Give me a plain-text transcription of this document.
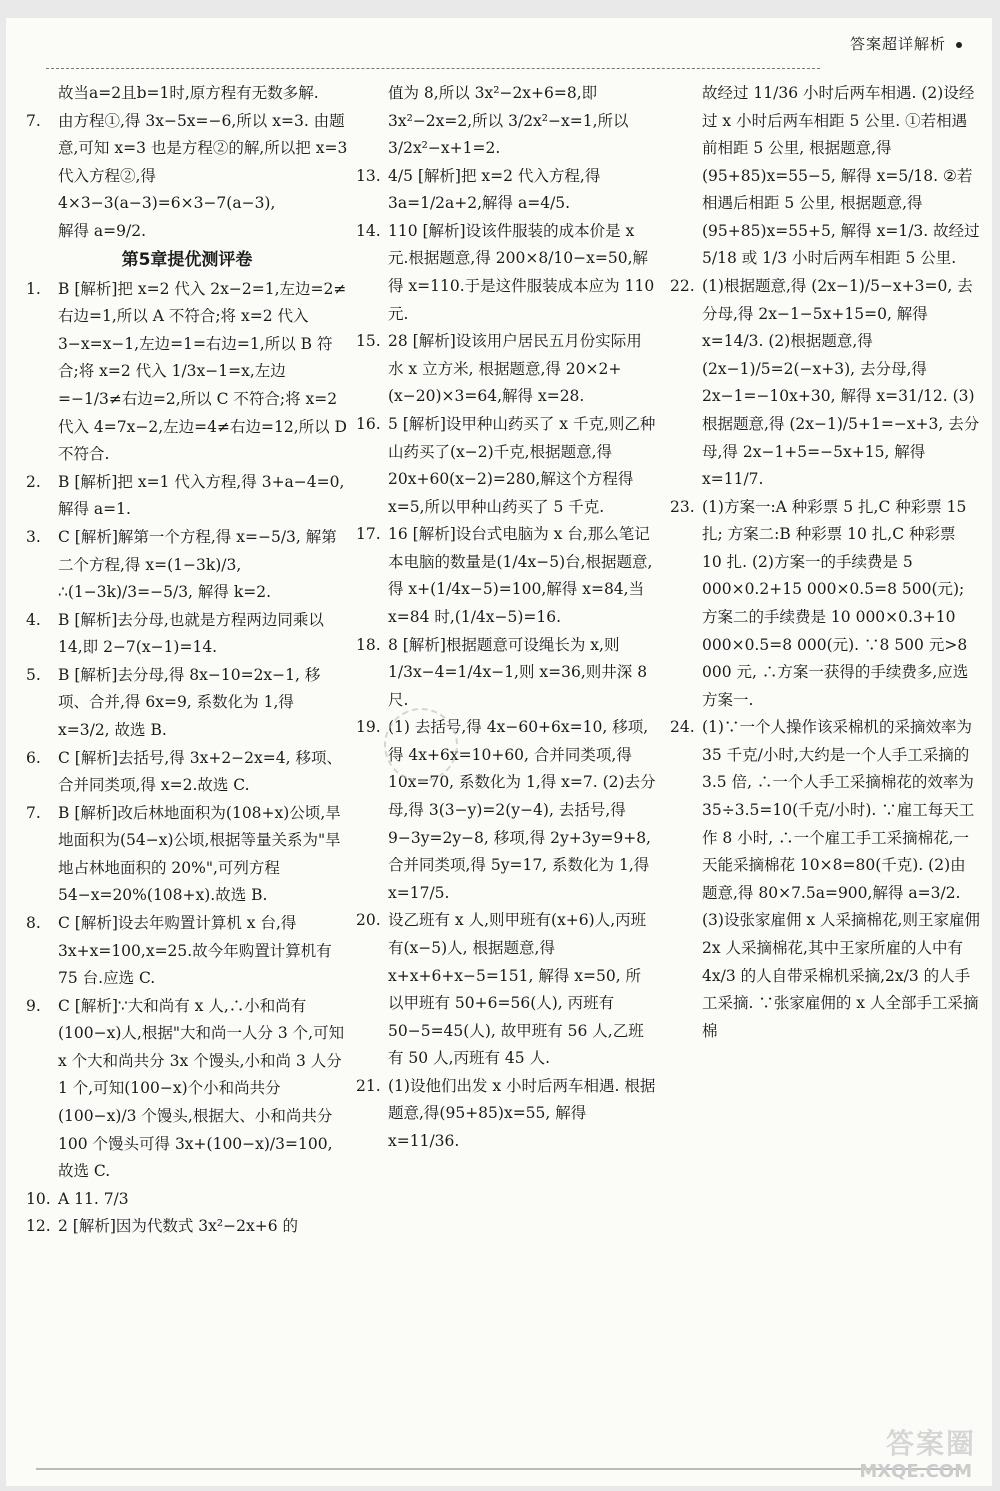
答案超详解析

故当a=2且b=1时,原方程有无数多解.

7. 由方程①,得 3x−5x=−6,所以 x=3. 由题意,可知 x=3 也是方程②的解,所以把 x=3 代入方程②,得 4×3−3(a−3)=6×3−7(a−3),

解得 a=9/2.

第5章提优测评卷

1. B [解析]把 x=2 代入 2x−2=1,左边=2≠右边=1,所以 A 不符合;将 x=2 代入 3−x=x−1,左边=1=右边=1,所以 B 符合;将 x=2 代入 1/3x−1=x,左边=−1/3≠右边=2,所以 C 不符合;将 x=2 代入 4=7x−2,左边=4≠右边=12,所以 D 不符合.

2. B [解析]把 x=1 代入方程,得 3+a−4=0,解得 a=1.

3. C [解析]解第一个方程,得 x=−5/3, 解第二个方程,得 x=(1−3k)/3, ∴(1−3k)/3=−5/3, 解得 k=2.

4. B [解析]去分母,也就是方程两边同乘以 14,即 2−7(x−1)=14.

5. B [解析]去分母,得 8x−10=2x−1, 移项、合并,得 6x=9, 系数化为 1,得 x=3/2, 故选 B.

6. C [解析]去括号,得 3x+2−2x=4, 移项、合并同类项,得 x=2.故选 C.

7. B [解析]改后林地面积为(108+x)公顷,旱地面积为(54−x)公顷,根据等量关系为"旱地占林地面积的 20%",可列方程 54−x=20%(108+x).故选 B.

8. C [解析]设去年购置计算机 x 台,得 3x+x=100,x=25.故今年购置计算机有 75 台.应选 C.

9. C [解析]∵大和尚有 x 人,∴小和尚有(100−x)人,根据"大和尚一人分 3 个,可知 x 个大和尚共分 3x 个馒头,小和尚 3 人分 1 个,可知(100−x)个小和尚共分 (100−x)/3 个馒头,根据大、小和尚共分 100 个馒头可得 3x+(100−x)/3=100,故选 C.

10. A 11. 7/3

12. 2 [解析]因为代数式 3x²−2x+6 的

值为 8,所以 3x²−2x+6=8,即 3x²−2x=2,所以 3/2x²−x=1,所以 3/2x²−x+1=2.

13. 4/5 [解析]把 x=2 代入方程,得 3a=1/2a+2,解得 a=4/5.

14. 110 [解析]设该件服装的成本价是 x 元.根据题意,得 200×8/10−x=50,解得 x=110.于是这件服装成本应为 110 元.

15. 28 [解析]设该用户居民五月份实际用水 x 立方米, 根据题意,得 20×2+(x−20)×3=64,解得 x=28.

16. 5 [解析]设甲种山药买了 x 千克,则乙种山药买了(x−2)千克,根据题意,得 20x+60(x−2)=280,解这个方程得 x=5,所以甲种山药买了 5 千克.

17. 16 [解析]设台式电脑为 x 台,那么笔记本电脑的数量是(1/4x−5)台,根据题意,得 x+(1/4x−5)=100,解得 x=84,当 x=84 时,(1/4x−5)=16.

18. 8 [解析]根据题意可设绳长为 x,则 1/3x−4=1/4x−1,则 x=36,则井深 8 尺.

19. (1) 去括号,得 4x−60+6x=10, 移项,得 4x+6x=10+60, 合并同类项,得 10x=70, 系数化为 1,得 x=7. (2)去分母,得 3(3−y)=2(y−4), 去括号,得 9−3y=2y−8, 移项,得 2y+3y=9+8, 合并同类项,得 5y=17, 系数化为 1,得 x=17/5.

20. 设乙班有 x 人,则甲班有(x+6)人,丙班有(x−5)人, 根据题意,得 x+x+6+x−5=151, 解得 x=50, 所以甲班有 50+6=56(人), 丙班有 50−5=45(人), 故甲班有 56 人,乙班有 50 人,丙班有 45 人.

21. (1)设他们出发 x 小时后两车相遇. 根据题意,得(95+85)x=55, 解得 x=11/36.

故经过 11/36 小时后两车相遇. (2)设经过 x 小时后两车相距 5 公里. ①若相遇前相距 5 公里, 根据题意,得(95+85)x=55−5, 解得 x=5/18. ②若相遇后相距 5 公里, 根据题意,得(95+85)x=55+5, 解得 x=1/3. 故经过 5/18 或 1/3 小时后两车相距 5 公里.

22. (1)根据题意,得 (2x−1)/5−x+3=0, 去分母,得 2x−1−5x+15=0, 解得 x=14/3. (2)根据题意,得 (2x−1)/5=2(−x+3), 去分母,得 2x−1=−10x+30, 解得 x=31/12. (3)根据题意,得 (2x−1)/5+1=−x+3, 去分母,得 2x−1+5=−5x+15, 解得 x=11/7.

23. (1)方案一:A 种彩票 5 扎,C 种彩票 15 扎; 方案二:B 种彩票 10 扎,C 种彩票 10 扎. (2)方案一的手续费是 5 000×0.2+15 000×0.5=8 500(元); 方案二的手续费是 10 000×0.3+10 000×0.5=8 000(元). ∵8 500 元>8 000 元, ∴方案一获得的手续费多,应选方案一.

24. (1)∵一个人操作该采棉机的采摘效率为 35 千克/小时,大约是一个人手工采摘的 3.5 倍, ∴一个人手工采摘棉花的效率为 35÷3.5=10(千克/小时). ∵雇工每天工作 8 小时, ∴一个雇工手工采摘棉花,一天能采摘棉花 10×8=80(千克). (2)由题意,得 80×7.5a=900,解得 a=3/2. (3)设张家雇佣 x 人采摘棉花,则王家雇佣 2x 人采摘棉花,其中王家所雇的人中有 4x/3 的人自带采棉机采摘,2x/3 的人手工采摘. ∵张家雇佣的 x 人全部手工采摘棉

答案圈
MXQE.COM
